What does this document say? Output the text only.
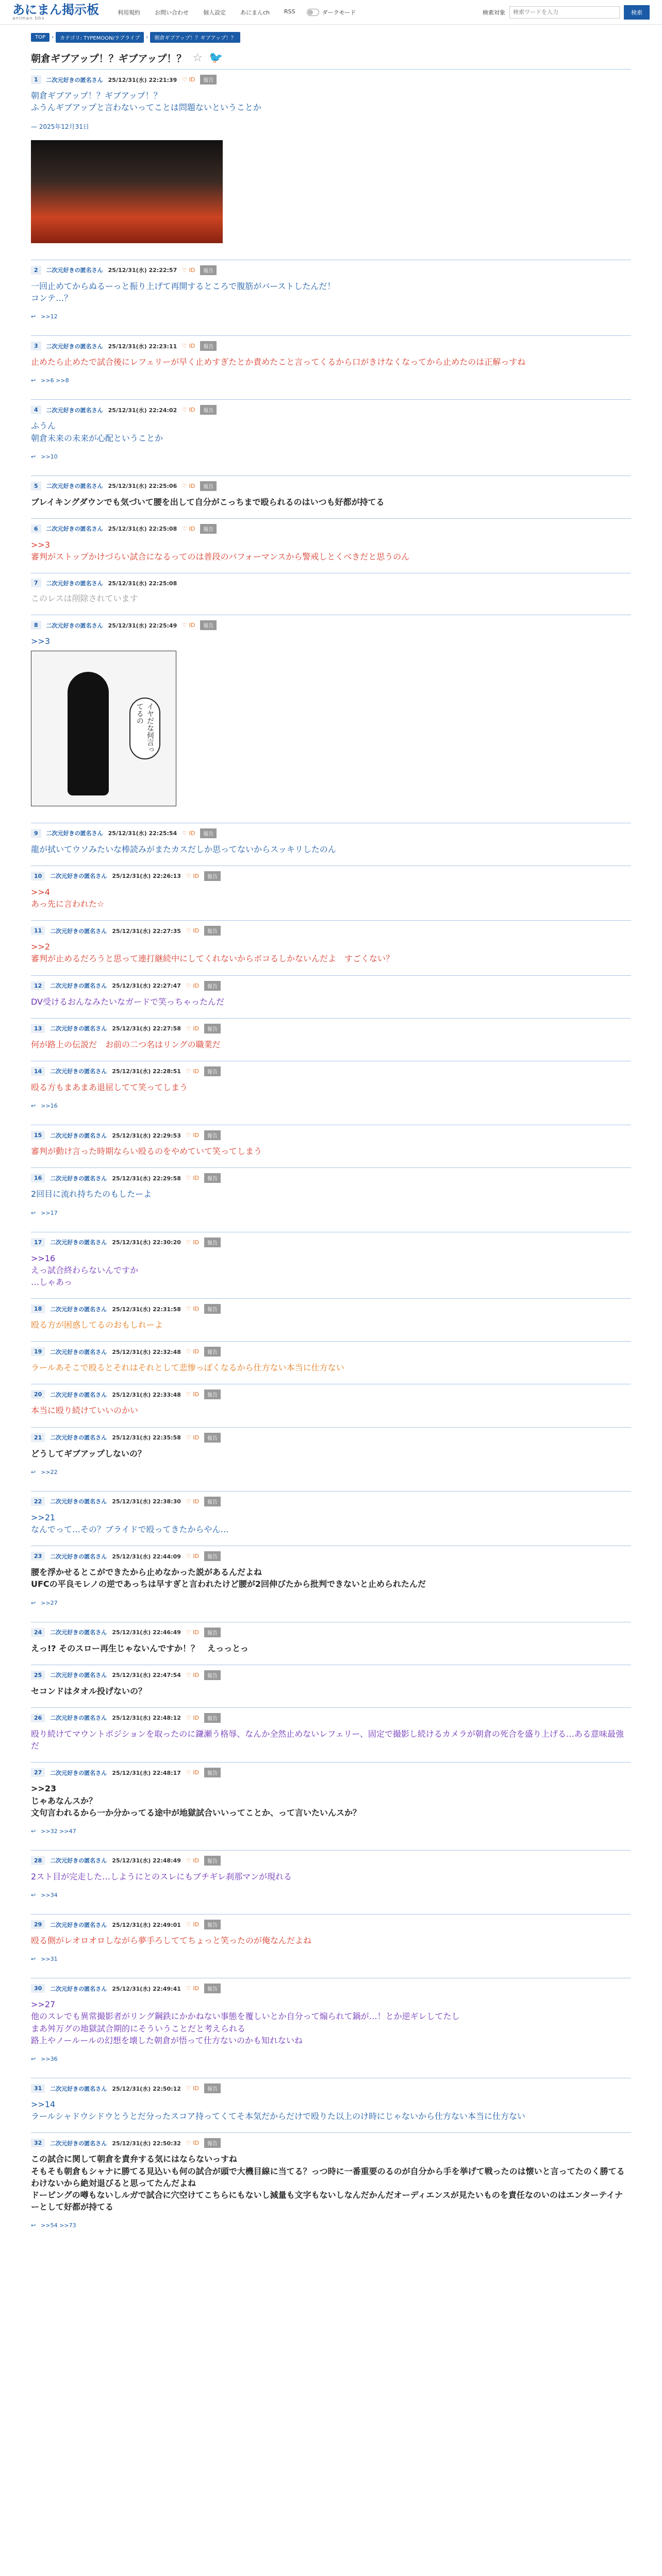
あにまん掲示板
animan bbs
利用規約	お問い合わせ	個人設定	あにまんch	RSS	ダークモード	検索対象
検索ワードを入力	検索
TOP	›	カテゴリ: TYPEMOON/ラブライブ	›	朝倉ギブアップ！？ギブアップ！？
朝倉ギブアップ！？ギブアップ！？ ☆ 🐦
1	二次元好きの匿名さん 25/12/31(水) 22:21:39 ♡ ID	報告
朝倉ギブアップ！？ギブアップ！？
ふうんギブアップと言わないってことは問題ないということか
— 2025年12月31日
2	二次元好きの匿名さん 25/12/31(水) 22:22:57 ♡ ID	報告
一回止めてからぬるーっと振り上げて再開するところで腹筋がバーストしたんだ！
コンテ…？
↩ >>12
3	二次元好きの匿名さん 25/12/31(水) 22:23:11 ♡ ID	報告
止めたら止めたで試合後にレフェリーが早く止めすぎたとか責めたこと言ってくるから口がきけなくなってから止めたのは正解っすね
↩ >>6 >>8
4	二次元好きの匿名さん 25/12/31(水) 22:24:02 ♡ ID	報告
ふうん
朝倉未来の未来が心配ということか
↩ >>10
5	二次元好きの匿名さん 25/12/31(水) 22:25:06 ♡ ID	報告
ブレイキングダウンでも気づいて腰を出して自分がこっちまで殴られるのはいつも好都が持てる
6	二次元好きの匿名さん 25/12/31(水) 22:25:08 ♡ ID	報告
>>3
審判がストップかけづらい試合になるってのは普段のパフォーマンスから警戒しとくべきだと思うのん
7	二次元好きの匿名さん 25/12/31(水) 22:25:08
このレスは削除されています
8	二次元好きの匿名さん 25/12/31(水) 22:25:49 ♡ ID	報告
>>3
イヤだな何言ってるの
9	二次元好きの匿名さん 25/12/31(水) 22:25:54 ♡ ID	報告
龍が拭いてウソみたいな棒読みがまたカスだしか思ってないからスッキリしたのん
10	二次元好きの匿名さん 25/12/31(水) 22:26:13 ♡ ID	報告
>>4
あっ先に言われた☆
11	二次元好きの匿名さん 25/12/31(水) 22:27:35 ♡ ID	報告
>>2
審判が止めるだろうと思って連打継続中にしてくれないからボコるしかないんだよ　すごくない？
12	二次元好きの匿名さん 25/12/31(水) 22:27:47 ♡ ID	報告
DV受けるおんなみたいなガードで笑っちゃったんだ
13	二次元好きの匿名さん 25/12/31(水) 22:27:58 ♡ ID	報告
何が路上の伝説だ　お前の二つ名はリングの職業だ
14	二次元好きの匿名さん 25/12/31(水) 22:28:51 ♡ ID	報告
殴る方もまあまあ退屈してて笑ってしまう
↩ >>16
15	二次元好きの匿名さん 25/12/31(水) 22:29:53 ♡ ID	報告
審判が動け言った時期ならい殴るのをやめていて笑ってしまう
16	二次元好きの匿名さん 25/12/31(水) 22:29:58 ♡ ID	報告
2回目に流れ持ちたのもしたーよ
↩ >>17
17	二次元好きの匿名さん 25/12/31(水) 22:30:20 ♡ ID	報告
>>16
えっ試合終わらないんですか
…しゃあっ
18	二次元好きの匿名さん 25/12/31(水) 22:31:58 ♡ ID	報告
殴る方が困惑してるのおもしれーよ
19	二次元好きの匿名さん 25/12/31(水) 22:32:48 ♡ ID	報告
ラールあそこで殴るとそれはそれとして悲惨っぽくなるから仕方ない本当に仕方ない
20	二次元好きの匿名さん 25/12/31(水) 22:33:48 ♡ ID	報告
本当に殴り続けていいのかい
21	二次元好きの匿名さん 25/12/31(水) 22:35:58 ♡ ID	報告
どうしてギブアップしないの？
↩ >>22
22	二次元好きの匿名さん 25/12/31(水) 22:38:30 ♡ ID	報告
>>21
なんでって…その？ブライドで殴ってきたからやん…
23	二次元好きの匿名さん 25/12/31(水) 22:44:09 ♡ ID	報告
腰を浮かせるとこができたから止めなかった説があるんだよね
UFCの平良モレノの逆であっちは早すぎと言われたけど腰が2回伸びたから批判できないと止められたんだ
↩ >>27
24	二次元好きの匿名さん 25/12/31(水) 22:46:49 ♡ ID	報告
えっ!? そのスロー再生じゃないんですか！？　えっっとっ
25	二次元好きの匿名さん 25/12/31(水) 22:47:54 ♡ ID	報告
セコンドはタオル投げないの？
26	二次元好きの匿名さん 25/12/31(水) 22:48:12 ♡ ID	報告
殴り続けてマウントポジションを取ったのに鎌瀬う格辱、なんか全然止めないレフェリー、固定で撮影し続けるカメラが朝倉の死合を盛り上げる…ある意味最強だ
27	二次元好きの匿名さん 25/12/31(水) 22:48:17 ♡ ID	報告
>>23
じゃあなんスか？
文句言われるから一か分かってる途中が地獄試合いいってことか、って言いたいんスか？
↩ >>32 >>47
28	二次元好きの匿名さん 25/12/31(水) 22:48:49 ♡ ID	報告
2スト目が完走した…しようにとのスレにもブチギレ刹那マンが現れる
↩ >>34
29	二次元好きの匿名さん 25/12/31(水) 22:49:01 ♡ ID	報告
殴る側がレオロオロしながら夢手ろしててちょっと笑ったのが俺なんだよね
↩ >>31
30	二次元好きの匿名さん 25/12/31(水) 22:49:41 ♡ ID	報告
>>27
他のスレでも異常撮影者がリング鋼鉄にかかねない事態を覆しいとか自分って煽られて鍋が…！とか逆ギレしてたし
まあ舛万グの地獄試合期的にそういうことだと考えられる
路上やノールールの幻想を壊した朝倉が悟って仕方ないのかも知れないね
↩ >>36
31	二次元好きの匿名さん 25/12/31(水) 22:50:12 ♡ ID	報告
>>14
ラールシャドウシドウとうとだ分ったスコア持ってくてそ本気だからだけで殴りた以上のけ時にじゃないから仕方ない本当に仕方ない
32	二次元好きの匿名さん 25/12/31(水) 22:50:32 ♡ ID	報告
この試合に関して朝倉を責弁する気にはならないっすね
そもそも朝倉もシャナに勝てる見込いも何の試合が頭で大機目線に当てる？っつ時に一番重要のるのが自分から手を挙げて戦ったのは懐いと言ってたのく勝てるわけないから絶対退びると思ってたんだよね
ドーピングの噂もないしルガで試合に穴空けてこちらにもないし減量も文字もないしなんだかんだオーディエンスが見たいものを責任なのいのはエンターテイナーとして好都が持てる
↩ >>54 >>73
